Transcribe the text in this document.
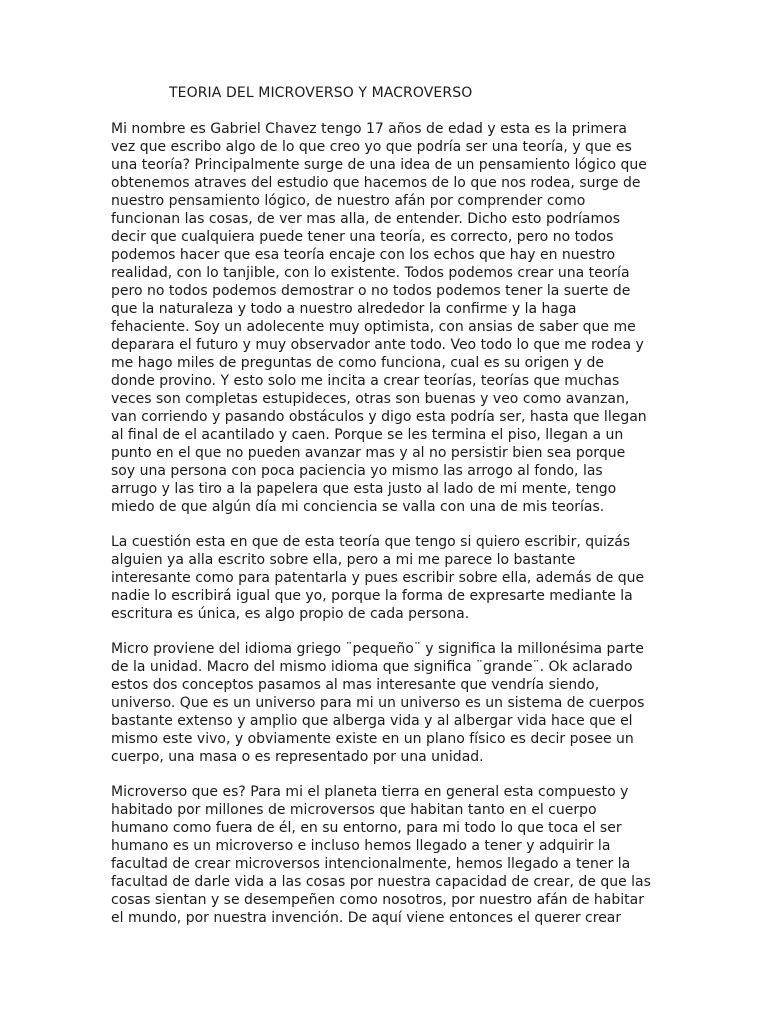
TEORIA DEL MICROVERSO Y MACROVERSO
Mi nombre es Gabriel Chavez tengo 17 años de edad y esta es la primera
vez que escribo algo de lo que creo yo que podría ser una teoría, y que es
una teoría? Principalmente surge de una idea de un pensamiento lógico que
obtenemos atraves del estudio que hacemos de lo que nos rodea, surge de
nuestro pensamiento lógico, de nuestro afán por comprender como
funcionan las cosas, de ver mas alla, de entender. Dicho esto podríamos
decir que cualquiera puede tener una teoría, es correcto, pero no todos
podemos hacer que esa teoría encaje con los echos que hay en nuestro
realidad, con lo tanjible, con lo existente. Todos podemos crear una teoría
pero no todos podemos demostrar o no todos podemos tener la suerte de
que la naturaleza y todo a nuestro alrededor la confirme y la haga
fehaciente. Soy un adolecente muy optimista, con ansias de saber que me
deparara el futuro y muy observador ante todo. Veo todo lo que me rodea y
me hago miles de preguntas de como funciona, cual es su origen y de
donde provino. Y esto solo me incita a crear teorías, teorías que muchas
veces son completas estupideces, otras son buenas y veo como avanzan,
van corriendo y pasando obstáculos y digo esta podría ser, hasta que llegan
al final de el acantilado y caen. Porque se les termina el piso, llegan a un
punto en el que no pueden avanzar mas y al no persistir bien sea porque
soy una persona con poca paciencia yo mismo las arrogo al fondo, las
arrugo y las tiro a la papelera que esta justo al lado de mi mente, tengo
miedo de que algún día mi conciencia se valla con una de mis teorías.
La cuestión esta en que de esta teoría que tengo si quiero escribir, quizás
alguien ya alla escrito sobre ella, pero a mi me parece lo bastante
interesante como para patentarla y pues escribir sobre ella, además de que
nadie lo escribirá igual que yo, porque la forma de expresarte mediante la
escritura es única, es algo propio de cada persona.
Micro proviene del idioma griego ¨pequeño¨ y significa la millonésima parte
de la unidad. Macro del mismo idioma que significa ¨grande¨. Ok aclarado
estos dos conceptos pasamos al mas interesante que vendría siendo,
universo. Que es un universo para mi un universo es un sistema de cuerpos
bastante extenso y amplio que alberga vida y al albergar vida hace que el
mismo este vivo, y obviamente existe en un plano físico es decir posee un
cuerpo, una masa o es representado por una unidad.
Microverso que es? Para mi el planeta tierra en general esta compuesto y
habitado por millones de microversos que habitan tanto en el cuerpo
humano como fuera de él, en su entorno, para mi todo lo que toca el ser
humano es un microverso e incluso hemos llegado a tener y adquirir la
facultad de crear microversos intencionalmente, hemos llegado a tener la
facultad de darle vida a las cosas por nuestra capacidad de crear, de que las
cosas sientan y se desempeñen como nosotros, por nuestro afán de habitar
el mundo, por nuestra invención. De aquí viene entonces el querer crear
